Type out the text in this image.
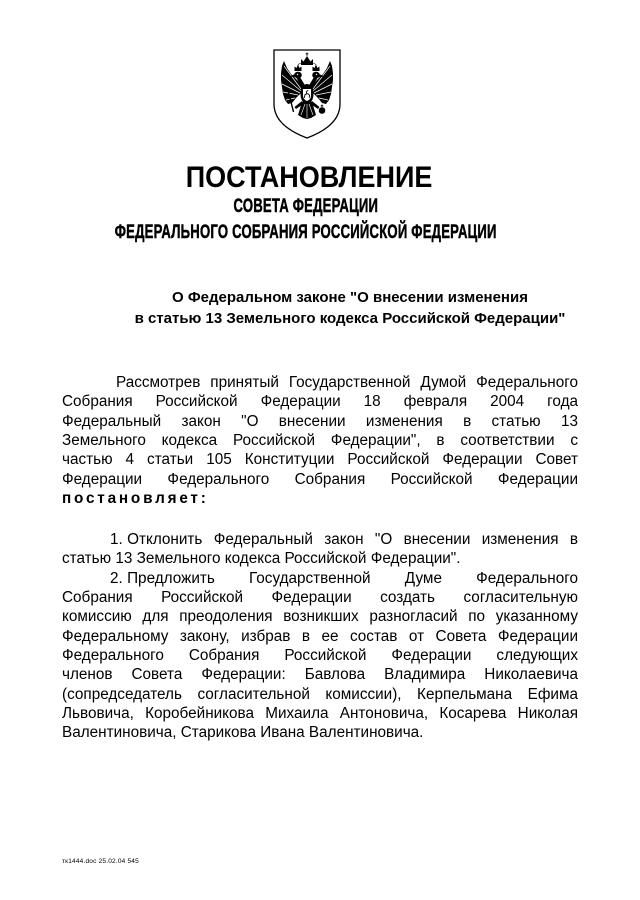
ПОСТАНОВЛЕНИЕ
СОВЕТА ФЕДЕРАЦИИ
ФЕДЕРАЛЬНОГО СОБРАНИЯ РОССИЙСКОЙ ФЕДЕРАЦИИ
О Федеральном законе "О внесении изменения
в статью 13 Земельного кодекса Российской Федерации"
Рассмотрев принятый Государственной Думой Федерального
Собрания Российской Федерации 18 февраля 2004 года
Федеральный закон "О внесении изменения в статью 13
Земельного кодекса Российской Федерации", в соответствии с
частью 4 статьи 105 Конституции Российской Федерации Совет
Федерации Федерального Собрания Российской Федерации
постановляет:
1. Отклонить Федеральный закон "О внесении изменения в
статью 13 Земельного кодекса Российской Федерации".
2. Предложить Государственной Думе Федерального
Собрания Российской Федерации создать согласительную
комиссию для преодоления возникших разногласий по указанному
Федеральному закону, избрав в ее состав от Совета Федерации
Федерального Собрания Российской Федерации следующих
членов Совета Федерации: Бавлова Владимира Николаевича
(сопредседатель согласительной комиссии), Керпельмана Ефима
Львовича, Коробейникова Михаила Антоновича, Косарева Николая
Валентиновича, Старикова Ивана Валентиновича.
тк1444.doc 25.02.04 545
